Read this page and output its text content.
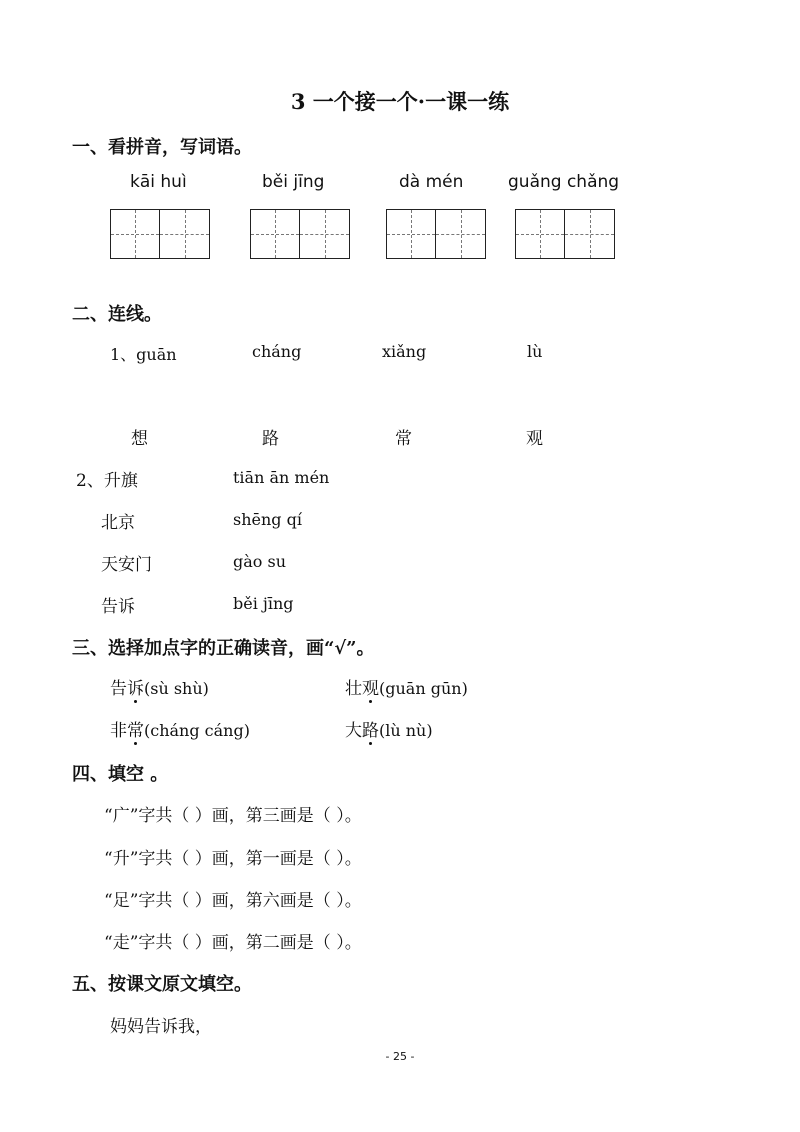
3 一个接一个·一课一练
一、看拼音，写词语。
kāi huì	běi jīng	dà mén	guǎng chǎng
二、连线。
1、guān	cháng	xiǎng	lù
想	路	常	观
2、升旗	tiān ān mén
北京	shēng qí
天安门	gào su
告诉	běi jīng
三、选择加点字的正确读音，画“√”。
告诉(sù shù)	壮观(guān gūn)
非常(cháng cáng)	大路(lù nù)
四、填空 。
“广”字共（ ）画，第三画是（ ）。
“升”字共（ ）画，第一画是（ ）。
“足”字共（ ）画，第六画是（ ）。
“走”字共（ ）画，第二画是（ ）。
五、按课文原文填空。
妈妈告诉我，
- 25 -
